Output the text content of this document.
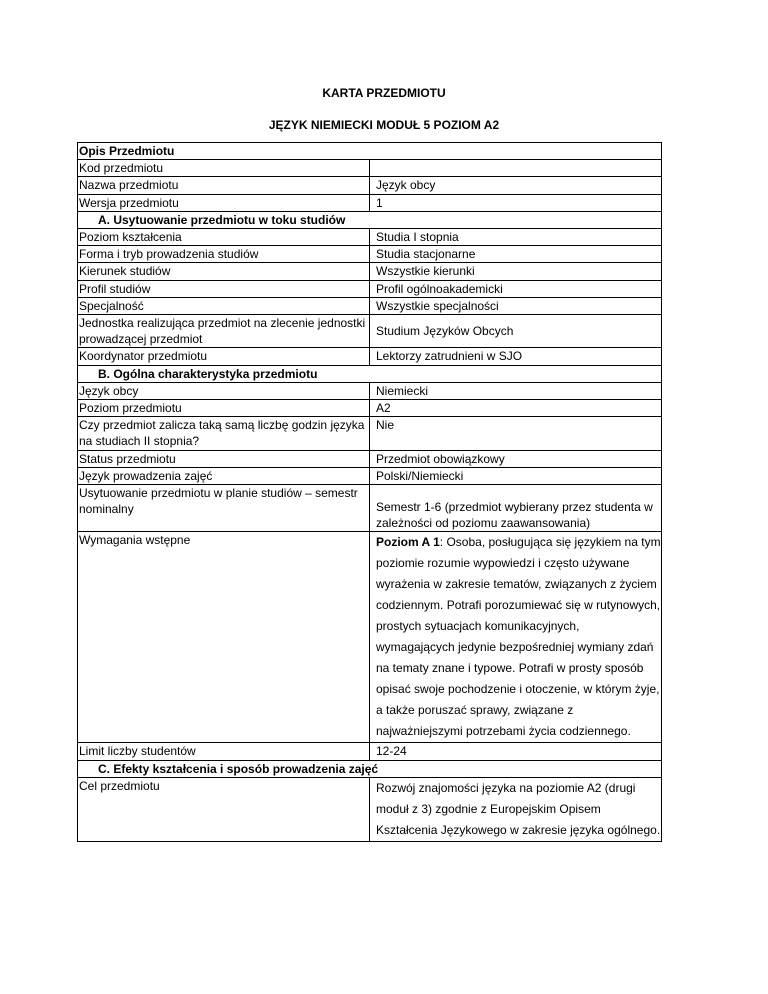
KARTA PRZEDMIOTU

JĘZYK NIEMIECKI MODUŁ 5 POZIOM A2

Opis Przedmiotu	
Kod przedmiotu	
Nazwa przedmiotu	Język obcy
Wersja przedmiotu	1
A. Usytuowanie przedmiotu w toku studiów	
Poziom kształcenia	Studia I stopnia
Forma i tryb prowadzenia studiów	Studia stacjonarne
Kierunek studiów	Wszystkie kierunki
Profil studiów	Profil ogólnoakademicki
Specjalność	Wszystkie specjalności
Jednostka realizująca przedmiot na zlecenie jednostki prowadzącej przedmiot	Studium Języków Obcych
Koordynator przedmiotu	Lektorzy zatrudnieni w SJO
B. Ogólna charakterystyka przedmiotu	
Język obcy	Niemiecki
Poziom przedmiotu	A2
Czy przedmiot zalicza taką samą liczbę godzin języka na studiach II stopnia?	Nie
Status przedmiotu	Przedmiot obowiązkowy
Język prowadzenia zajęć	Polski/Niemiecki
Usytuowanie przedmiotu w planie studiów – semestr nominalny	Semestr 1-6 (przedmiot wybierany przez studenta w zależności od poziomu zaawansowania)
Wymagania wstępne	Poziom A 1: Osoba, posługująca się językiem na tym poziomie rozumie wypowiedzi i często używane wyrażenia w zakresie tematów, związanych z życiem codziennym. Potrafi porozumiewać się w rutynowych, prostych sytuacjach komunikacyjnych, wymagających jedynie bezpośredniej wymiany zdań na tematy znane i typowe. Potrafi w prosty sposób opisać swoje pochodzenie i otoczenie, w którym żyje, a także poruszać sprawy, związane z najważniejszymi potrzebami życia codziennego.
Limit liczby studentów	12-24
C. Efekty kształcenia i sposób prowadzenia zajęć	
Cel przedmiotu	Rozwój znajomości języka na poziomie A2 (drugi moduł z 3) zgodnie z Europejskim Opisem Kształcenia Językowego w zakresie języka ogólnego.
